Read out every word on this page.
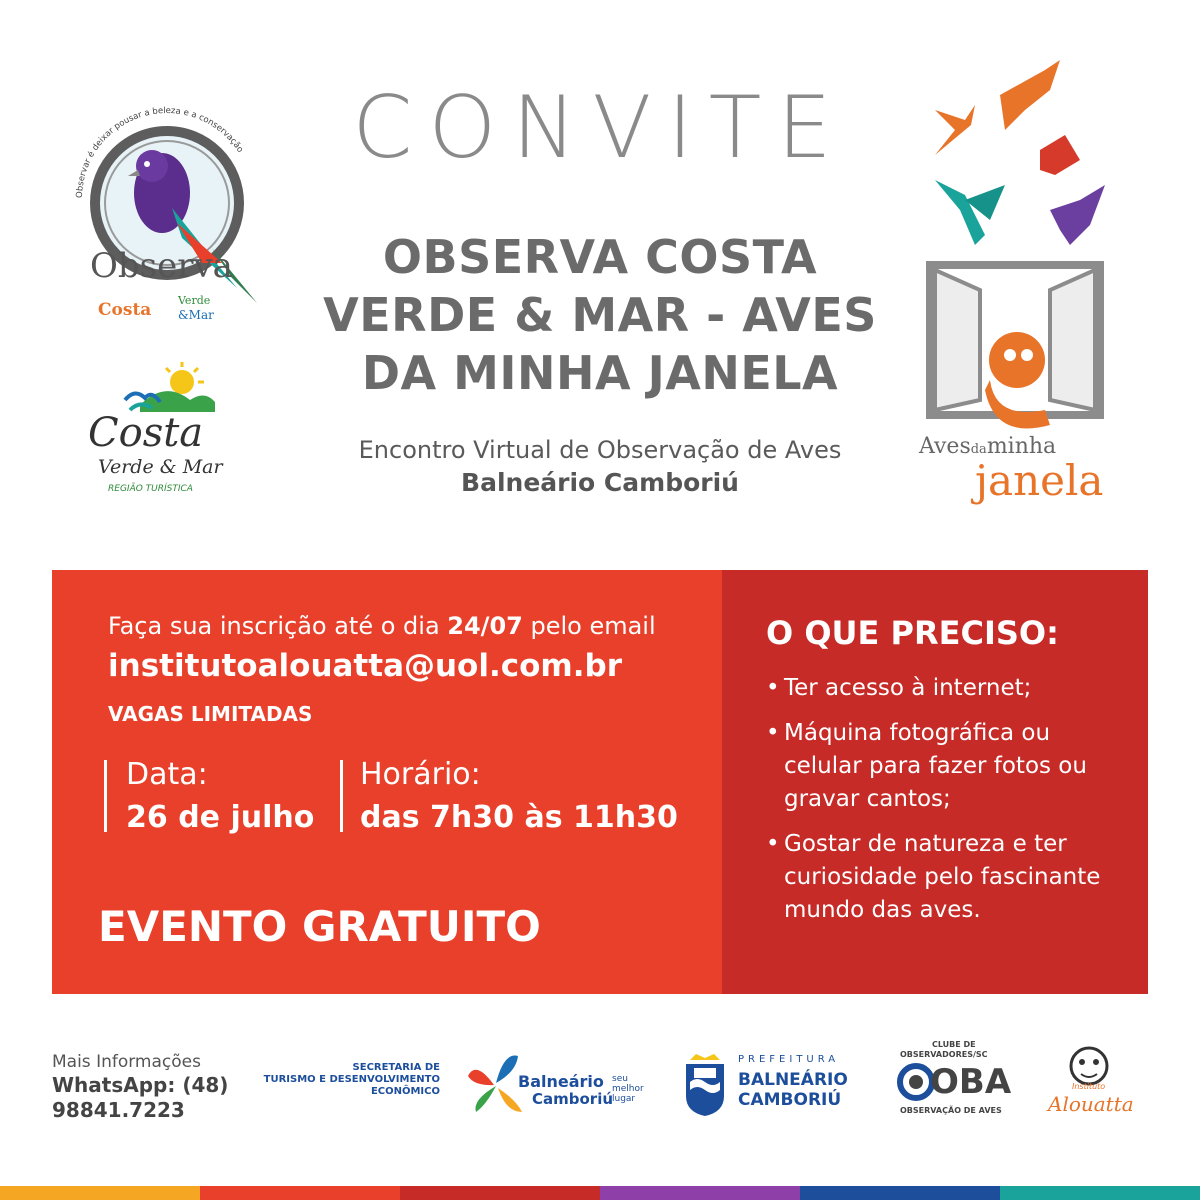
CONVITE
OBSERVA COSTA
VERDE & MAR - AVES
DA MINHA JANELA
Encontro Virtual de Observação de Aves
Balneário Camboriú
Observar é deixar pousar a beleza e a conservação
Observa
Costa Verde
&Mar
Costa
Verde & Mar
REGIÃO TURÍSTICA
Avesdaminha
janela
Faça sua inscrição até o dia 24/07 pelo email
institutoalouatta@uol.com.br
VAGAS LIMITADAS
Data:
26 de julho
Horário:
das 7h30 às 11h30
EVENTO GRATUITO
O QUE PRECISO:
• Ter acesso à internet;
• Máquina fotográfica ou celular para fazer fotos ou gravar cantos;
• Gostar de natureza e ter curiosidade pelo fascinante mundo das aves.
Mais Informações
WhatsApp: (48)
98841.7223
SECRETARIA DE
TURISMO E DESENVOLVIMENTO
ECONÔMICO
Balneário
Camboriú
seu
melhor
lugar
PREFEITURA
BALNEÁRIO
CAMBORIÚ
CLUBE DE
OBSERVADORES/SC
OBA
OBSERVAÇÃO DE AVES
Instituto
Alouatta
